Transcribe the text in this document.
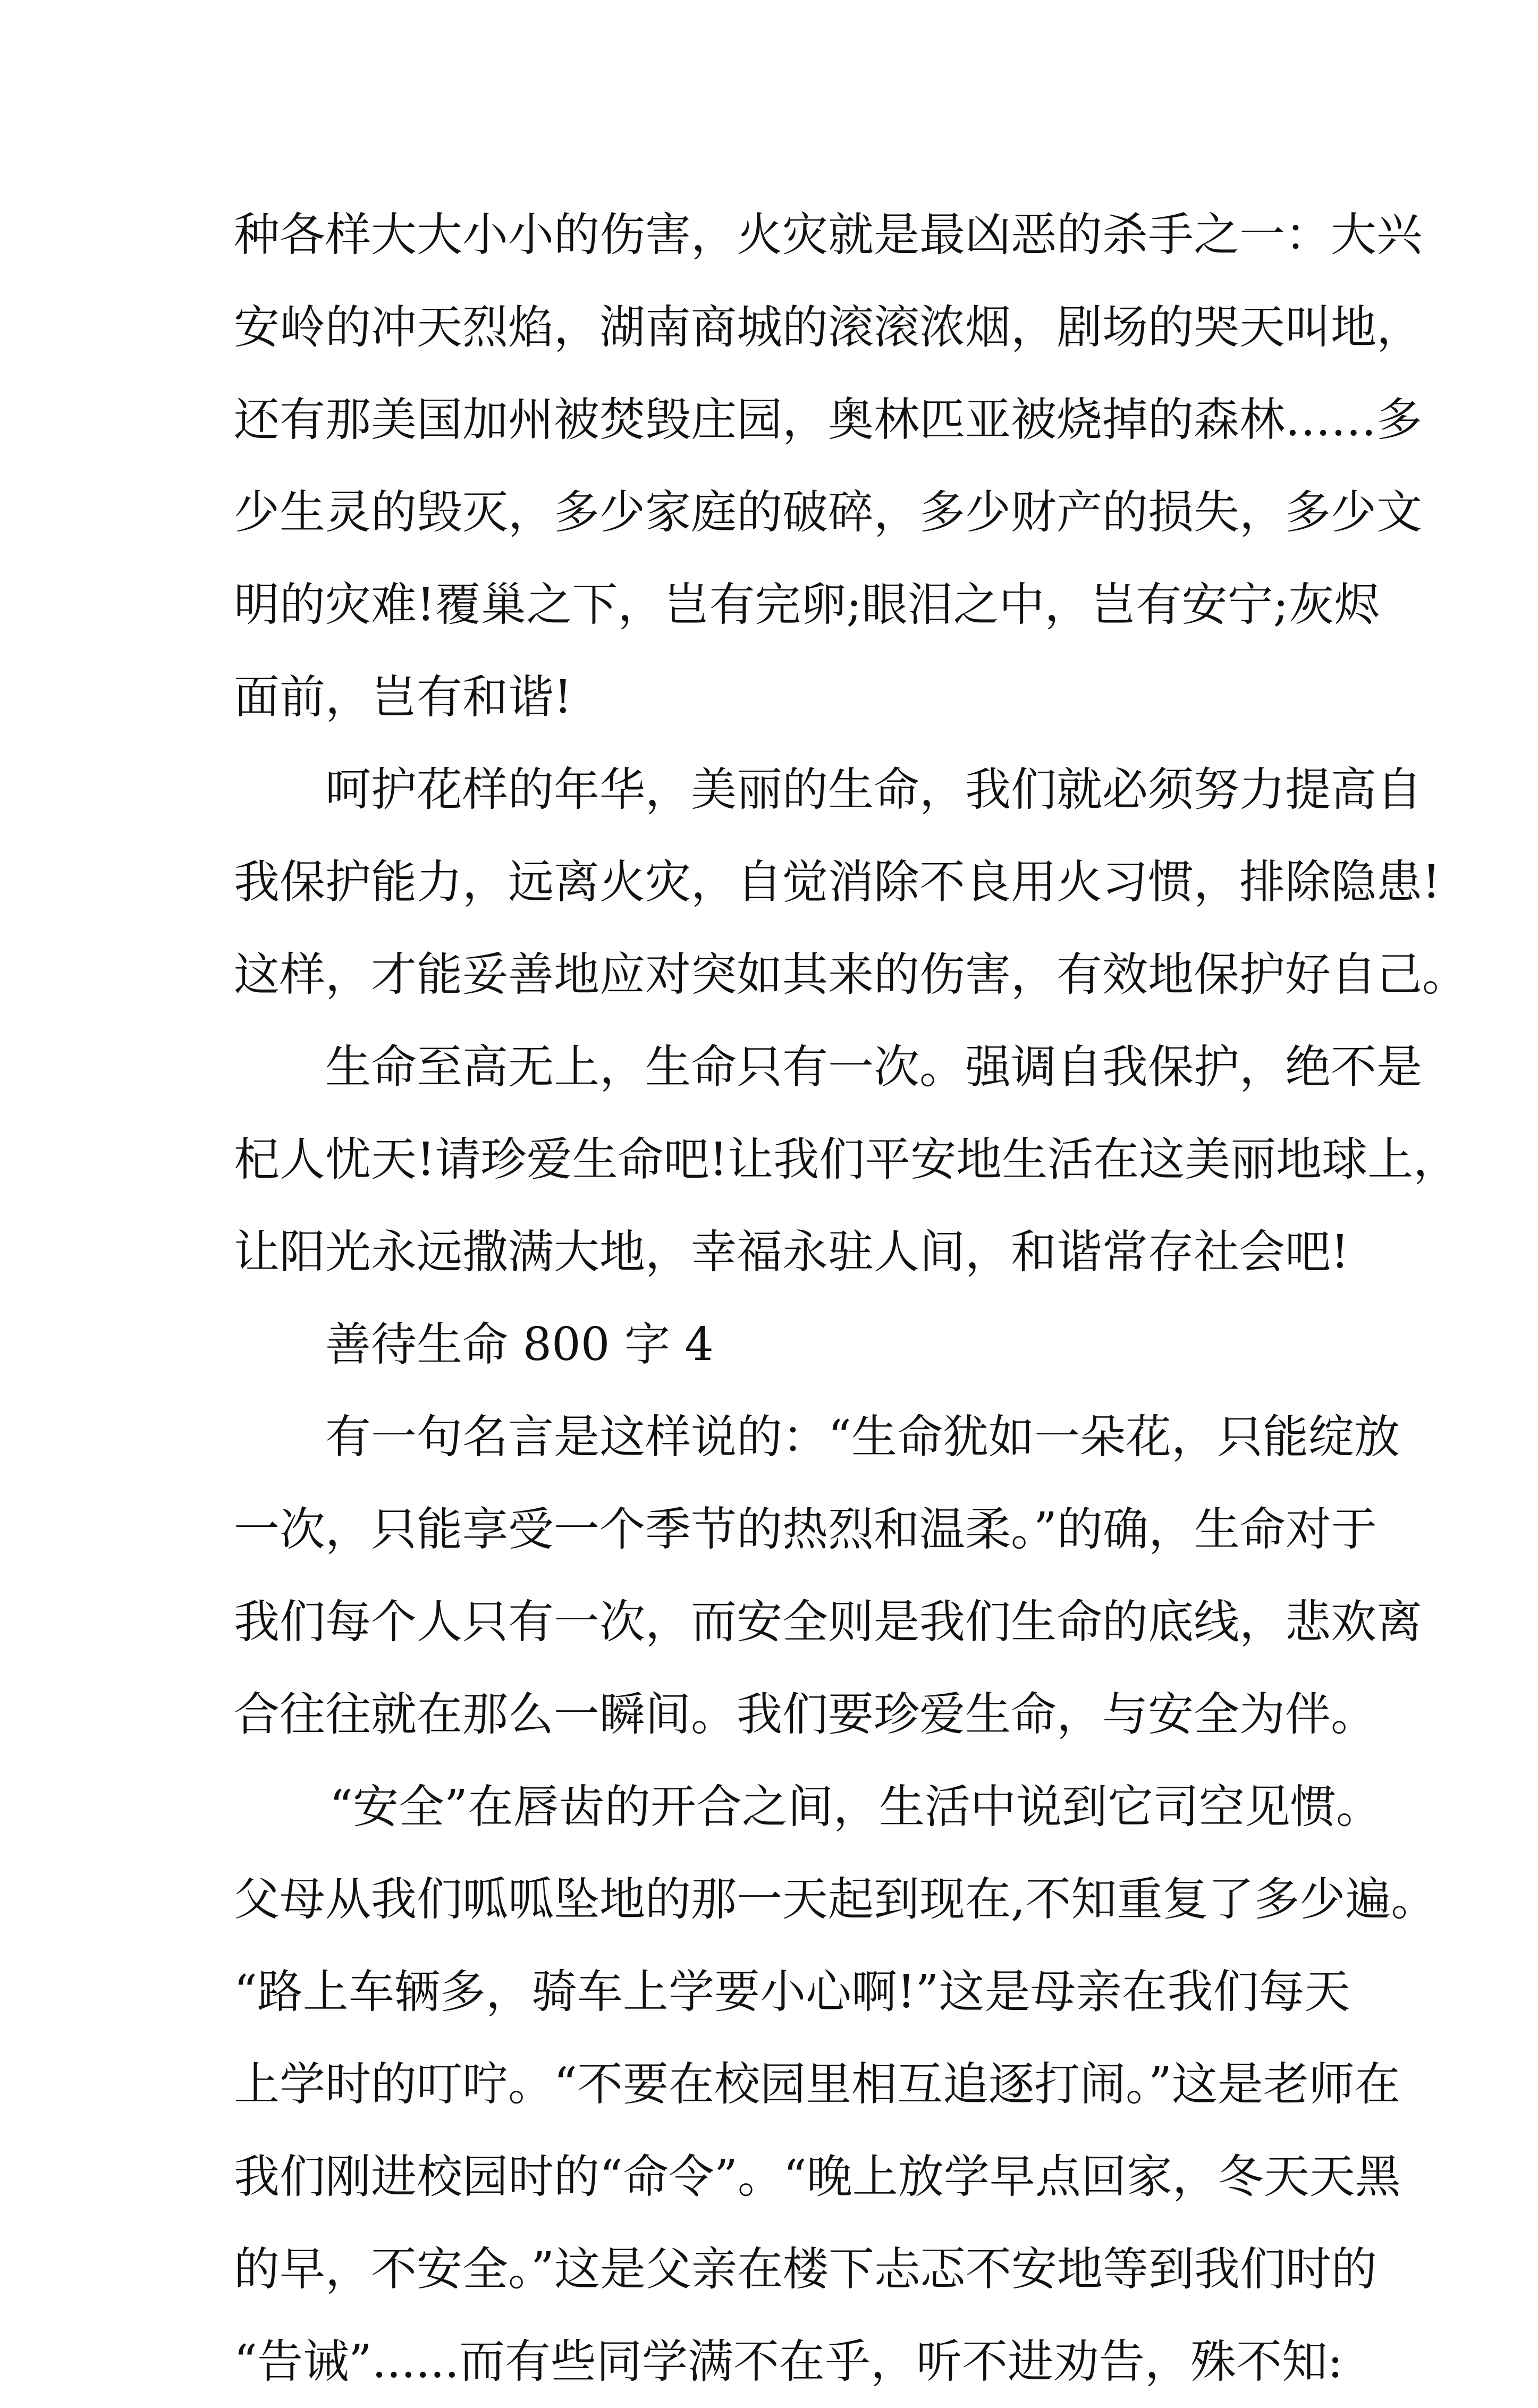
种各样大大小小的伤害，火灾就是最凶恶的杀手之一：大兴
安岭的冲天烈焰，湖南商城的滚滚浓烟，剧场的哭天叫地，
还有那美国加州被焚毁庄园，奥林匹亚被烧掉的森林……多
少生灵的毁灭，多少家庭的破碎，多少财产的损失，多少文
明的灾难!覆巢之下，岂有完卵;眼泪之中，岂有安宁;灰烬
面前，岂有和谐!
呵护花样的年华，美丽的生命，我们就必须努力提高自
我保护能力，远离火灾，自觉消除不良用火习惯，排除隐患!
这样，才能妥善地应对突如其来的伤害，有效地保护好自己。
生命至高无上，生命只有一次。强调自我保护，绝不是
杞人忧天!请珍爱生命吧!让我们平安地生活在这美丽地球上，
让阳光永远撒满大地，幸福永驻人间，和谐常存社会吧!
善待生命 800 字 4
有一句名言是这样说的：“生命犹如一朵花，只能绽放
一次，只能享受一个季节的热烈和温柔。”的确，生命对于
我们每个人只有一次，而安全则是我们生命的底线，悲欢离
合往往就在那么一瞬间。我们要珍爱生命，与安全为伴。
“安全”在唇齿的开合之间，生活中说到它司空见惯。
父母从我们呱呱坠地的那一天起到现在,不知重复了多少遍。
“路上车辆多，骑车上学要小心啊!”这是母亲在我们每天
上学时的叮咛。“不要在校园里相互追逐打闹。”这是老师在
我们刚进校园时的“命令”。“晚上放学早点回家，冬天天黑
的早，不安全。”这是父亲在楼下忐忑不安地等到我们时的
“告诫”......而有些同学满不在乎，听不进劝告，殊不知:
